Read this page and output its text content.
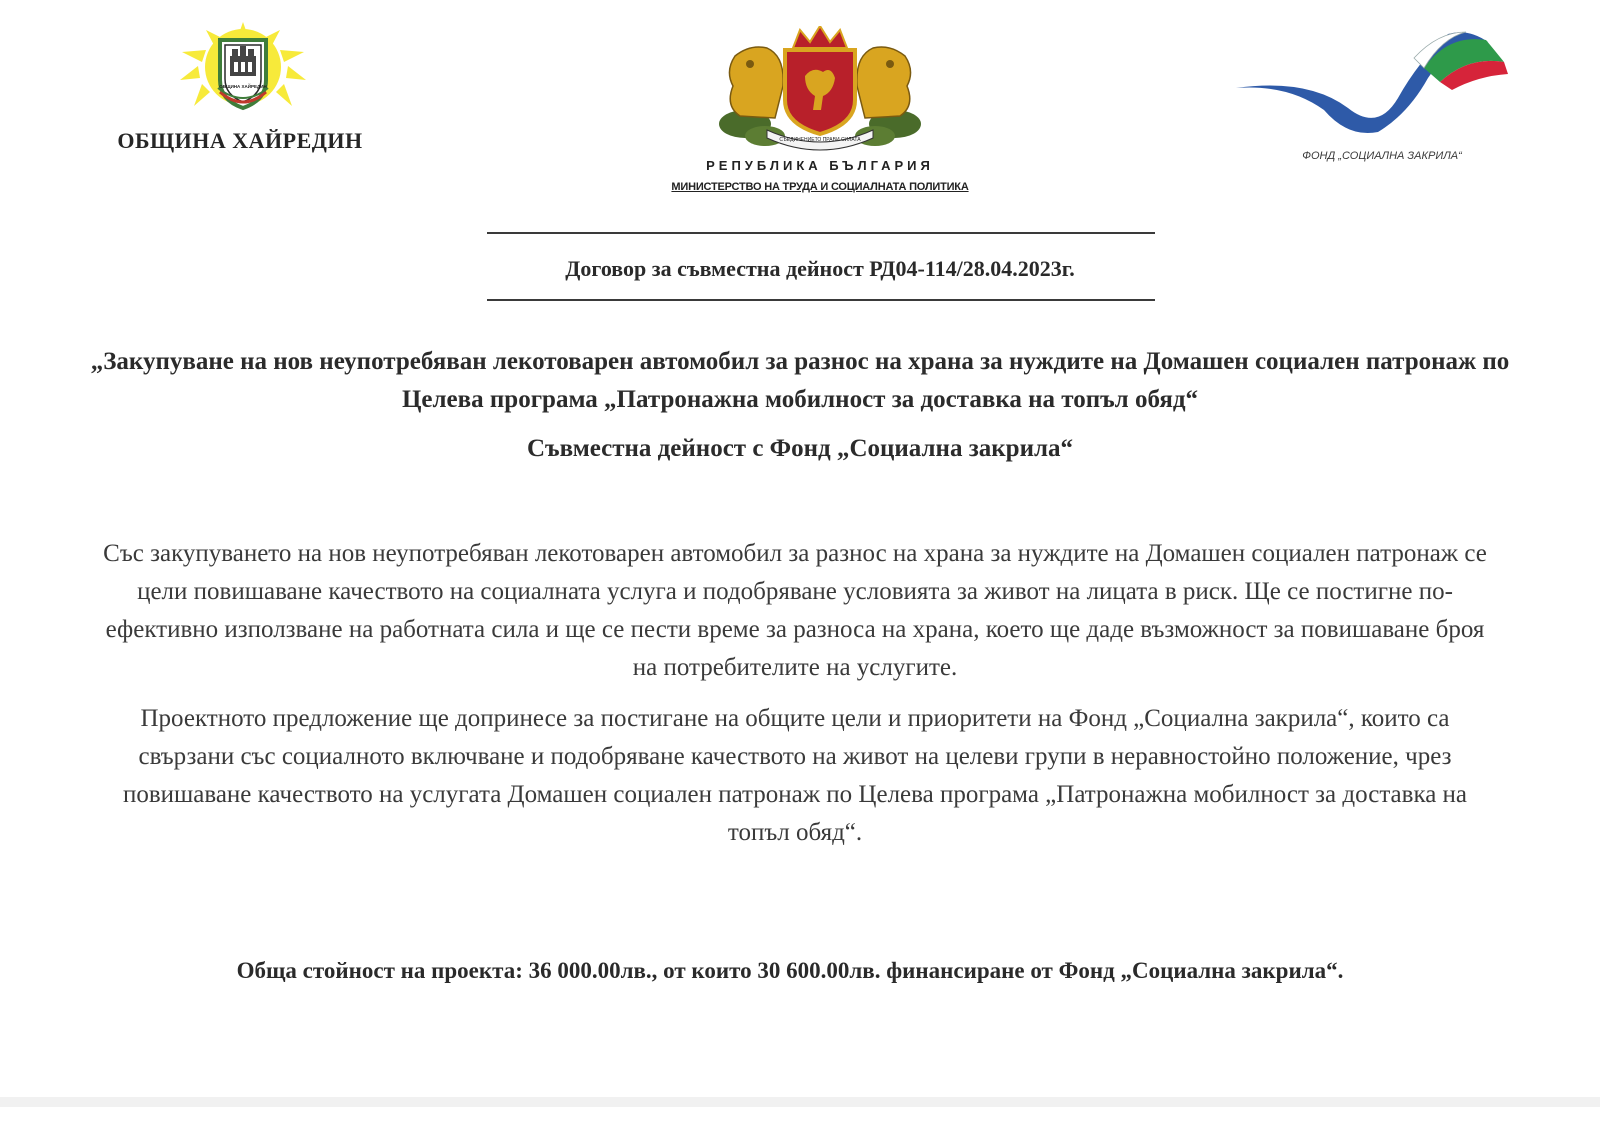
ОБЩИНА ХАЙРЕДИН
ОБЩИНА ХАЙРЕДИН	СЪЕДИНЕНИЕТО ПРАВИ СИЛАТА
РЕПУБЛИКА БЪЛГАРИЯ
МИНИСТЕРСТВО НА ТРУДА И СОЦИАЛНАТА ПОЛИТИКА
ФОНД „СОЦИАЛНА ЗАКРИЛА“
Договор за съвместна дейност РД04-114/28.04.2023г.
„Закупуване на нов неупотребяван лекотоварен автомобил за разнос на храна за нуждите на Домашен социален патронаж по Целева програма „Патронажна мобилност за доставка на топъл обяд“
Съвместна дейност с Фонд „Социална закрила“
Със закупуването на нов неупотребяван лекотоварен автомобил за разнос на храна за нуждите на Домашен социален патронаж се цели повишаване качеството на социалната услуга и подобряване условията за живот на лицата в риск. Ще се постигне по-ефективно използване на работната сила и ще се пести време за разноса на храна, което ще даде възможност за повишаване броя на потребителите на услугите.
Проектното предложение ще допринесе за постигане на общите цели и приоритети на Фонд „Социална закрила“, които са свързани със социалното включване и подобряване качеството на живот на целеви групи в неравностойно положение, чрез повишаване качеството на услугата Домашен социален патронаж по Целева програма „Патронажна мобилност за доставка на топъл обяд“.
Обща стойност на проекта: 36 000.00лв., от които 30 600.00лв. финансиране от Фонд „Социална закрила“.
